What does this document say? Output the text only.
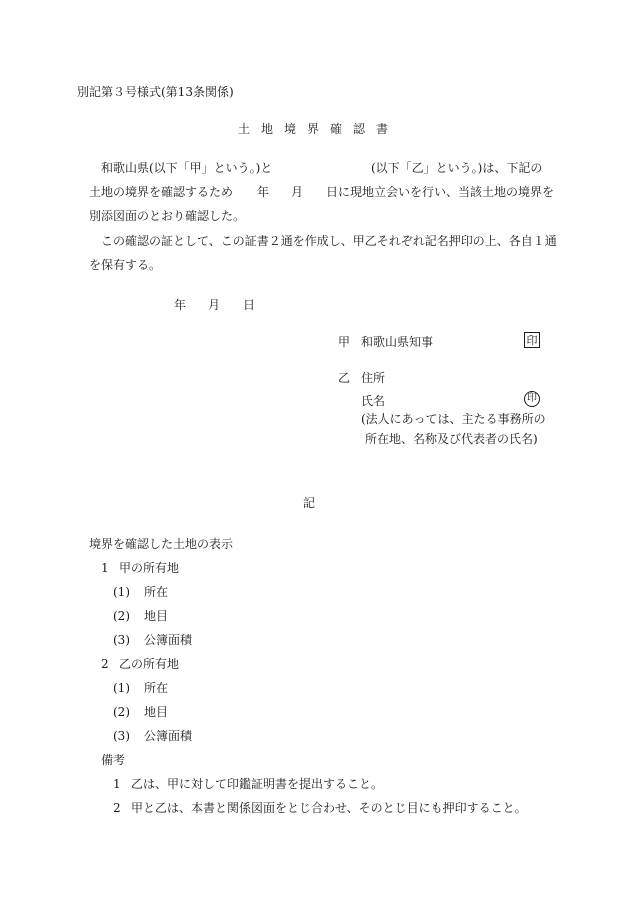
別記第３号様式(第13条関係)

土地境界確認書

和歌山県(以下「甲」という。)と	(以下「乙」という。)は、下記の

土地の境界を確認するため 年 月 日に現地立会いを行い、当該土地の境界を

別添図面のとおり確認した。

この確認の証として、この証書２通を作成し、甲乙それぞれ記名押印の上、各自１通

を保有する。

年 月 日

甲 和歌山県知事	印

乙 住所

氏名	印

(法人にあっては、主たる事務所の

所在地、名称及び代表者の氏名)

記

境界を確認した土地の表示

1 甲の所有地

(1) 所在

(2) 地目

(3) 公簿面積

2 乙の所有地

(1) 所在

(2) 地目

(3) 公簿面積

備考

1 乙は、甲に対して印鑑証明書を提出すること。

2 甲と乙は、本書と関係図面をとじ合わせ、そのとじ目にも押印すること。
